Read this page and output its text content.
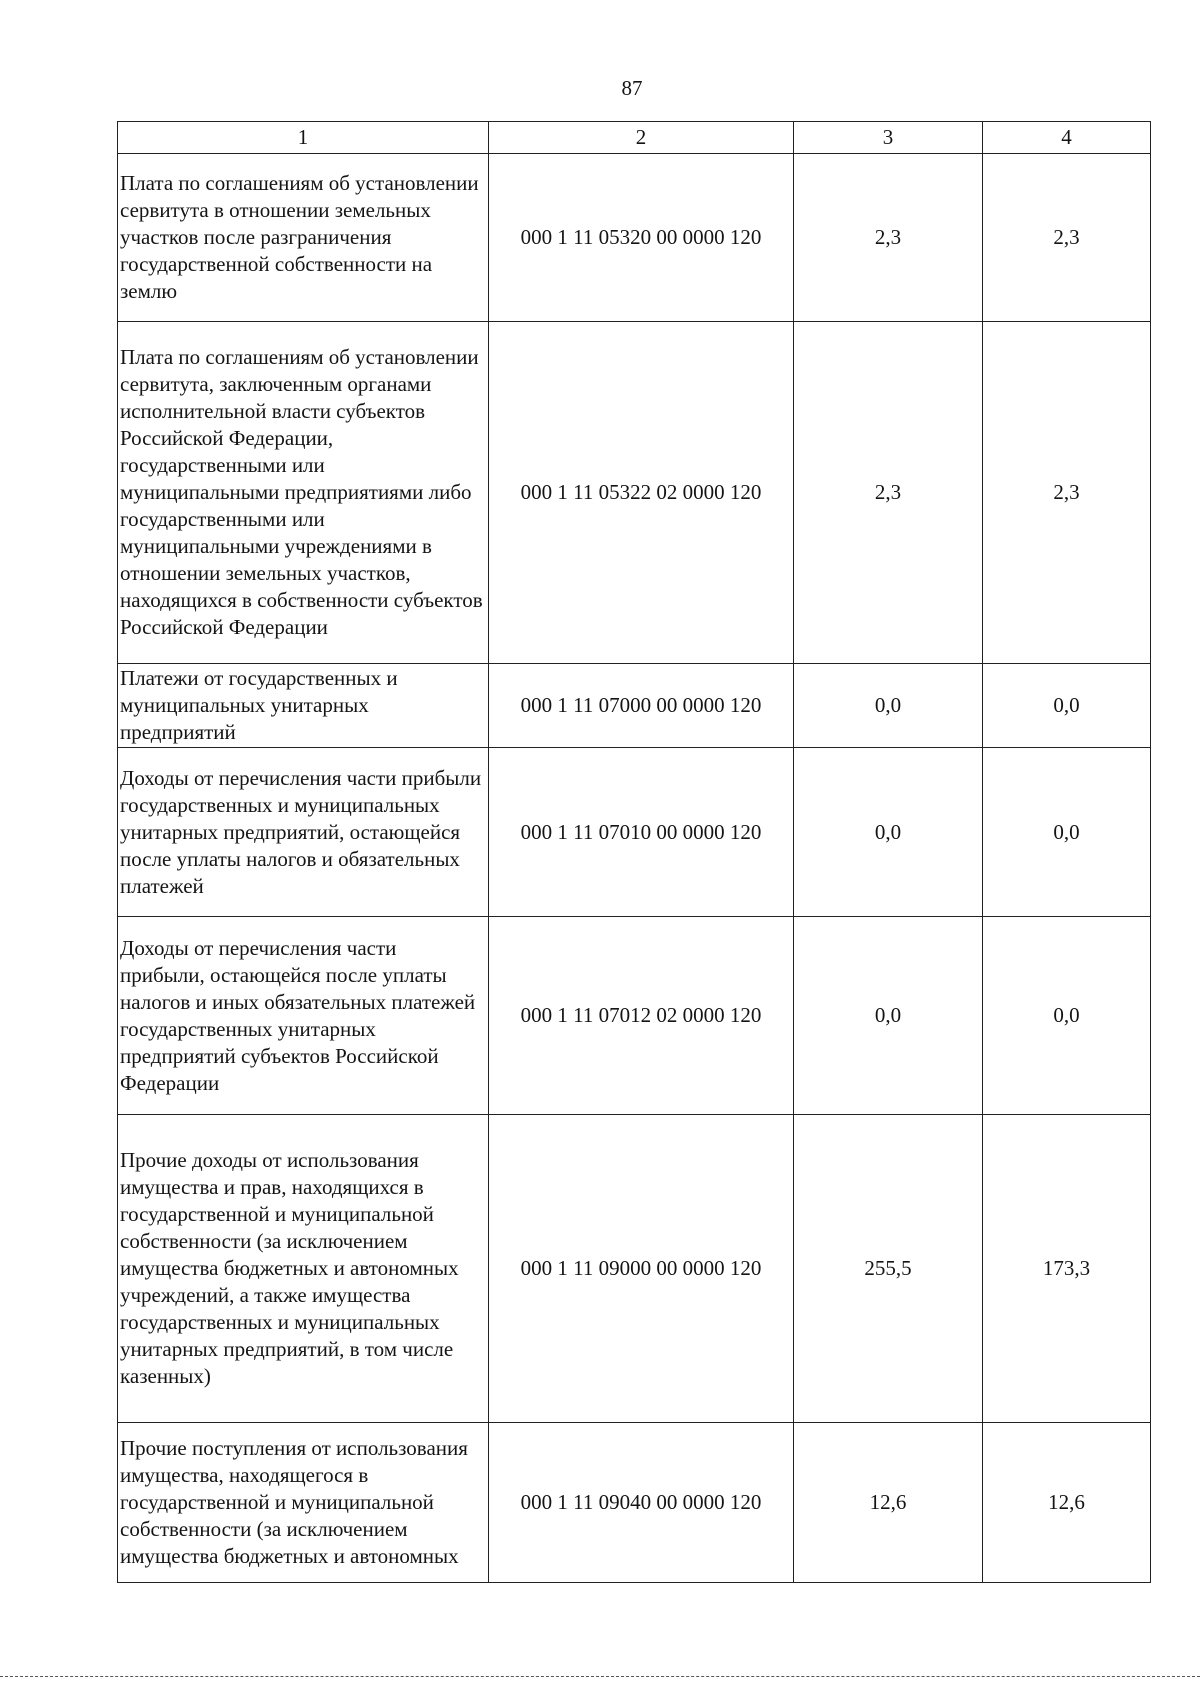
87
1	2	3	4
Плата по соглашениям об установлении сервитута в отношении земельных участков после разграничения государственной собственности на землю	000 1 11 05320 00 0000 120	2,3	2,3
Плата по соглашениям об установлении сервитута, заключенным органами исполнительной власти субъектов Российской Федерации, государственными или муниципальными предприятиями либо государственными или муниципальными учреждениями в отношении земельных участков, находящихся в собственности субъектов Российской Федерации	000 1 11 05322 02 0000 120	2,3	2,3
Платежи от государственных и муниципальных унитарных предприятий	000 1 11 07000 00 0000 120	0,0	0,0
Доходы от перечисления части прибыли государственных и муниципальных унитарных предприятий, остающейся после уплаты налогов и обязательных платежей	000 1 11 07010 00 0000 120	0,0	0,0
Доходы от перечисления части прибыли, остающейся после уплаты налогов и иных обязательных платежей государственных унитарных предприятий субъектов Российской Федерации	000 1 11 07012 02 0000 120	0,0	0,0
Прочие доходы от использования имущества и прав, находящихся в государственной и муниципальной собственности (за исключением имущества бюджетных и автономных учреждений, а также имущества государственных и муниципальных унитарных предприятий, в том числе казенных)	000 1 11 09000 00 0000 120	255,5	173,3
Прочие поступления от использования имущества, находящегося в государственной и муниципальной собственности (за исключением имущества бюджетных и автономных	000 1 11 09040 00 0000 120	12,6	12,6
